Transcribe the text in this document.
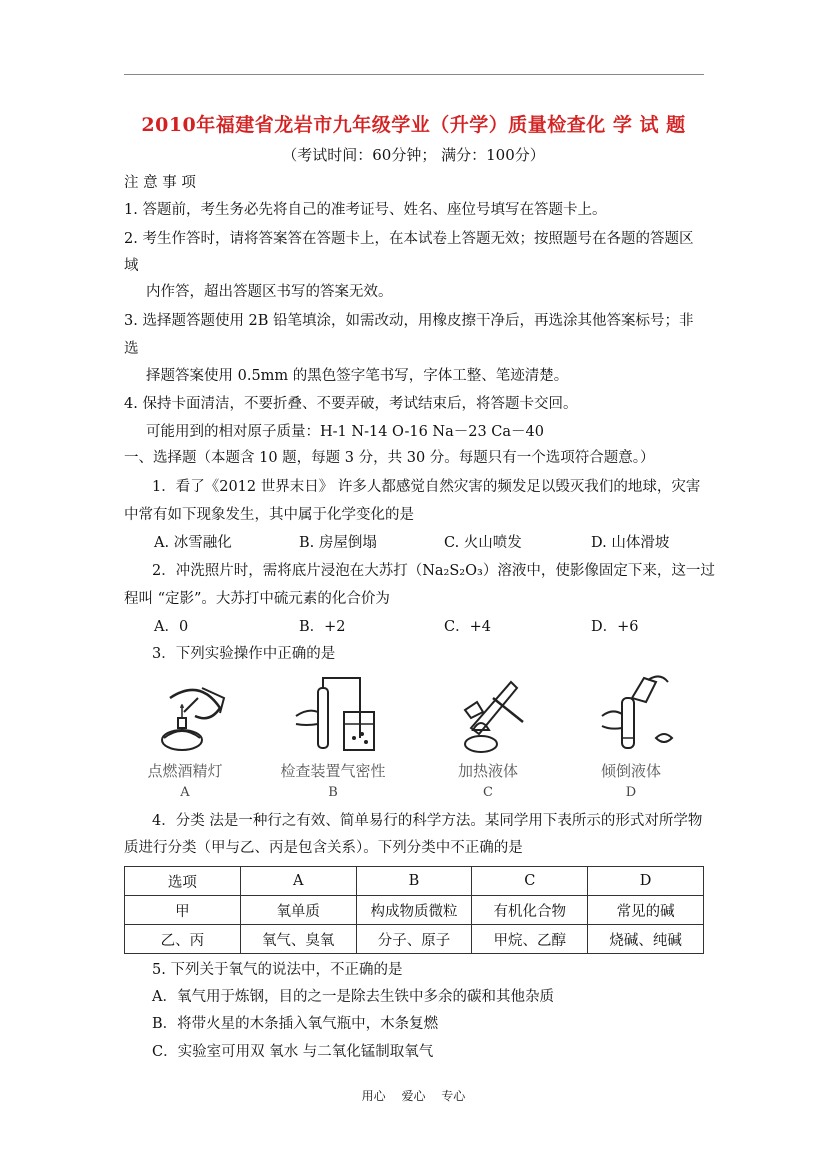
2010年福建省龙岩市九年级学业（升学）质量检查化 学 试 题
（考试时间：60分钟； 满分：100分）
注 意 事 项
1. 答题前，考生务必先将自己的准考证号、姓名、座位号填写在答题卡上。
2. 考生作答时，请将答案答在答题卡上，在本试卷上答题无效；按照题号在各题的答题区
域
内作答，超出答题区书写的答案无效。
3. 选择题答题使用 2B 铅笔填涂，如需改动，用橡皮擦干净后，再选涂其他答案标号；非
选
择题答案使用 0.5mm 的黑色签字笔书写，字体工整、笔迹清楚。
4. 保持卡面清洁，不要折叠、不要弄破，考试结束后，将答题卡交回。
可能用到的相对原子质量：H-1 N-14 O-16 Na－23 Ca－40
一、选择题（本题含 10 题，每题 3 分，共 30 分。每题只有一个选项符合题意。）
1．看了《2012 世界末日》 许多人都感觉自然灾害的频发足以毁灭我们的地球，灾害
中常有如下现象发生，其中属于化学变化的是
A. 冰雪融化	B. 房屋倒塌	C. 火山喷发	D. 山体滑坡
2．冲洗照片时，需将底片浸泡在大苏打（Na₂S₂O₃）溶液中，使影像固定下来，这一过
程叫 “定影”。大苏打中硫元素的化合价为
A．0	B．+2	C．+4	D．+6
3．下列实验操作中正确的是
点燃酒精灯
A
检查装置气密性
B
加热液体
C
倾倒液体
D
4．分类 法是一种行之有效、简单易行的科学方法。某同学用下表所示的形式对所学物
质进行分类（甲与乙、丙是包含关系）。下列分类中不正确的是
选项	A	B	C	D
甲	氧单质	构成物质微粒	有机化合物	常见的碱
乙、丙	氧气、臭氧	分子、原子	甲烷、乙醇	烧碱、纯碱
5. 下列关于氧气的说法中，不正确的是
A．氧气用于炼钢，目的之一是除去生铁中多余的碳和其他杂质
B．将带火星的木条插入氧气瓶中，木条复燃
C．实验室可用双 氧水 与二氧化锰制取氧气
用心 爱心 专心
